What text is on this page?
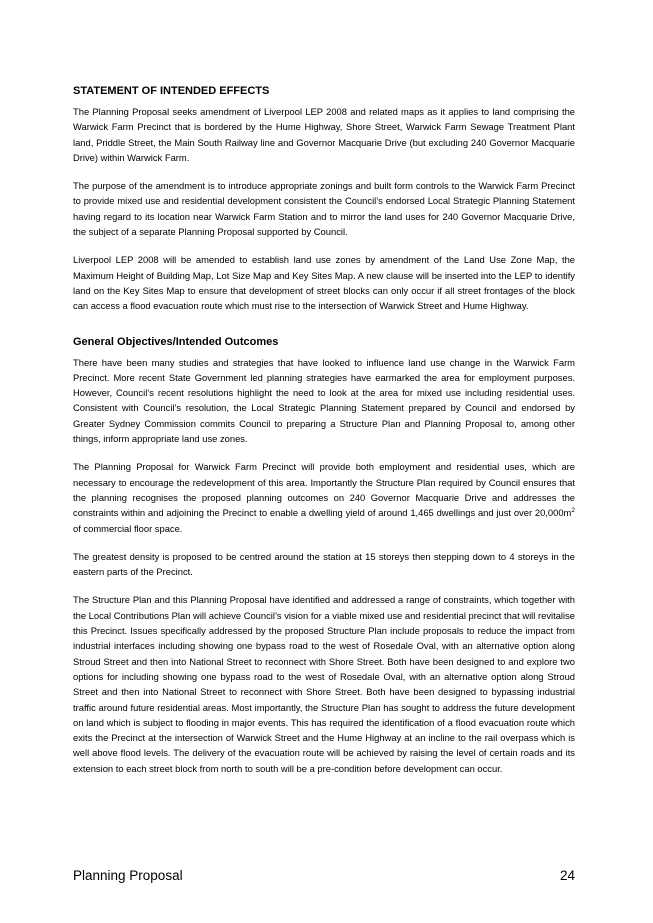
STATEMENT OF INTENDED EFFECTS

The Planning Proposal seeks amendment of Liverpool LEP 2008 and related maps as it applies to land comprising the Warwick Farm Precinct that is bordered by the Hume Highway, Shore Street, Warwick Farm Sewage Treatment Plant land, Priddle Street, the Main South Railway line and Governor Macquarie Drive (but excluding 240 Governor Macquarie Drive) within Warwick Farm.

The purpose of the amendment is to introduce appropriate zonings and built form controls to the Warwick Farm Precinct to provide mixed use and residential development consistent the Council’s endorsed Local Strategic Planning Statement having regard to its location near Warwick Farm Station and to mirror the land uses for 240 Governor Macquarie Drive, the subject of a separate Planning Proposal supported by Council.

Liverpool LEP 2008 will be amended to establish land use zones by amendment of the Land Use Zone Map, the Maximum Height of Building Map, Lot Size Map and Key Sites Map. A new clause will be inserted into the LEP to identify land on the Key Sites Map to ensure that development of street blocks can only occur if all street frontages of the block can access a flood evacuation route which must rise to the intersection of Warwick Street and Hume Highway.

General Objectives/Intended Outcomes

There have been many studies and strategies that have looked to influence land use change in the Warwick Farm Precinct. More recent State Government led planning strategies have earmarked the area for employment purposes. However, Council’s recent resolutions highlight the need to look at the area for mixed use including residential uses. Consistent with Council’s resolution, the Local Strategic Planning Statement prepared by Council and endorsed by Greater Sydney Commission commits Council to preparing a Structure Plan and Planning Proposal to, among other things, inform appropriate land use zones.

The Planning Proposal for Warwick Farm Precinct will provide both employment and residential uses, which are necessary to encourage the redevelopment of this area. Importantly the Structure Plan required by Council ensures that the planning recognises the proposed planning outcomes on 240 Governor Macquarie Drive and addresses the constraints within and adjoining the Precinct to enable a dwelling yield of around 1,465 dwellings and just over $20,000m^2$ of commercial floor space.

The greatest density is proposed to be centred around the station at 15 storeys then stepping down to 4 storeys in the eastern parts of the Precinct.

The Structure Plan and this Planning Proposal have identified and addressed a range of constraints, which together with the Local Contributions Plan will achieve Council’s vision for a viable mixed use and residential precinct that will revitalise this Precinct. Issues specifically addressed by the proposed Structure Plan include proposals to reduce the impact from industrial interfaces including showing one bypass road to the west of Rosedale Oval, with an alternative option along Stroud Street and then into National Street to reconnect with Shore Street. Both have been designed to and explore two options for including showing one bypass road to the west of Rosedale Oval, with an alternative option along Stroud Street and then into National Street to reconnect with Shore Street. Both have been designed to bypassing industrial traffic around future residential areas. Most importantly, the Structure Plan has sought to address the future development on land which is subject to flooding in major events. This has required the identification of a flood evacuation route which exits the Precinct at the intersection of Warwick Street and the Hume Highway at an incline to the rail overpass which is well above flood levels. The delivery of the evacuation route will be achieved by raising the level of certain roads and its extension to each street block from north to south will be a pre-condition before development can occur.

Planning Proposal	24
